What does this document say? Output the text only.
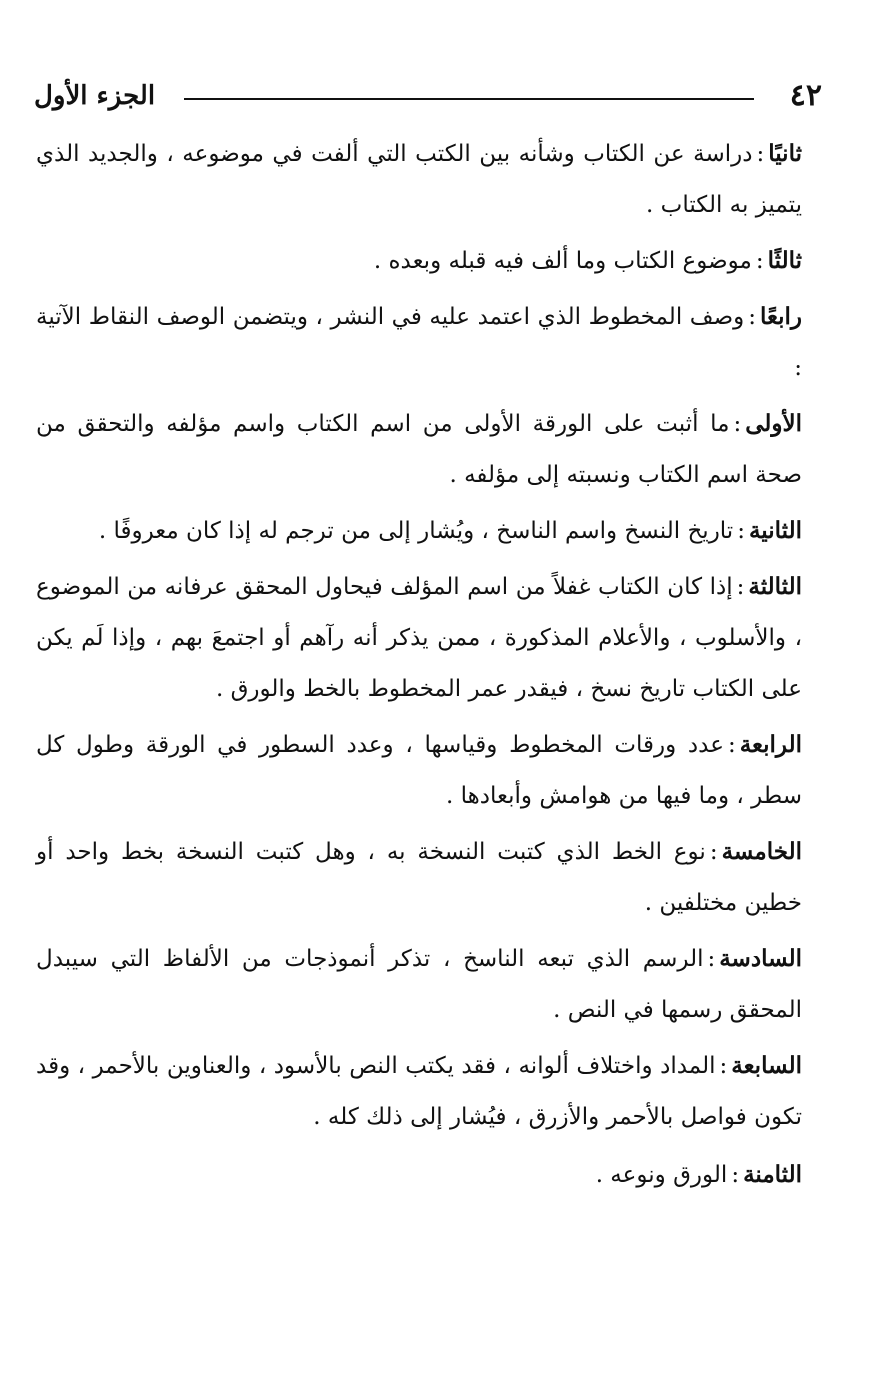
٤٢
الجزء الأول

ثانيًا:دراسة عن الكتاب وشأنه بين الكتب التي ألفت في موضوعه ، والجديد الذي يتميز به الكتاب .

ثالثًا:موضوع الكتاب وما ألف فيه قبله وبعده .

رابعًا:وصف المخطوط الذي اعتمد عليه في النشر ، ويتضمن الوصف النقاط الآتية :

الأولى:ما أثبت على الورقة الأولى من اسم الكتاب واسم مؤلفه والتحقق من صحة اسم الكتاب ونسبته إلى مؤلفه .

الثانية:تاريخ النسخ واسم الناسخ ، ويُشار إلى من ترجم له إذا كان معروفًا .

الثالثة:إذا كان الكتاب غفلاً من اسم المؤلف فيحاول المحقق عرفانه من الموضوع ، والأسلوب ، والأعلام المذكورة ، ممن يذكر أنه رآهم أو اجتمعَ بهم ، وإذا لَم يكن على الكتاب تاريخ نسخ ، فيقدر عمر المخطوط بالخط والورق .

الرابعة:عدد ورقات المخطوط وقياسها ، وعدد السطور في الورقة وطول كل سطر ، وما فيها من هوامش وأبعادها .

الخامسة:نوع الخط الذي كتبت النسخة به ، وهل كتبت النسخة بخط واحد أو خطين مختلفين .

السادسة:الرسم الذي تبعه الناسخ ، تذكر أنموذجات من الألفاظ التي سيبدل المحقق رسمها في النص .

السابعة:المداد واختلاف ألوانه ، فقد يكتب النص بالأسود ، والعناوين بالأحمر ، وقد تكون فواصل بالأحمر والأزرق ، فيُشار إلى ذلك كله .

الثامنة:الورق ونوعه .
